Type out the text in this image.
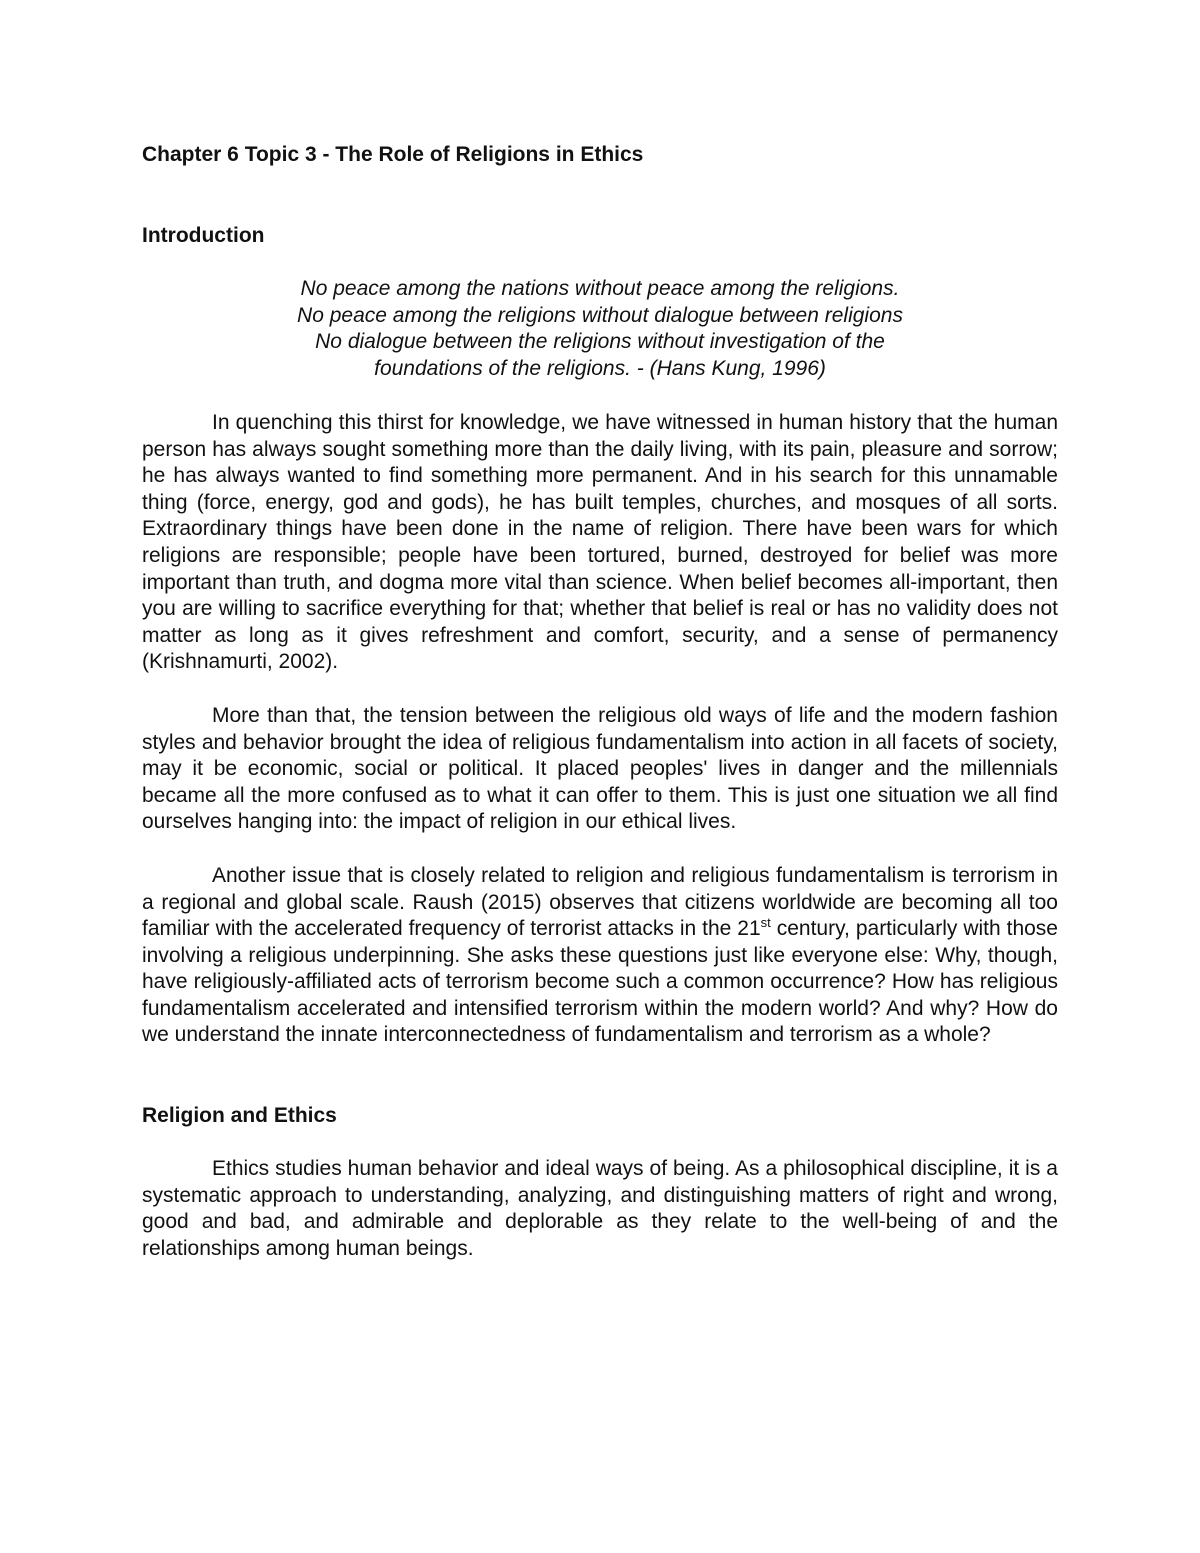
Chapter 6 Topic 3 - The Role of Religions in Ethics
Introduction
No peace among the nations without peace among the religions.
No peace among the religions without dialogue between religions
No dialogue between the religions without investigation of the
foundations of the religions. - (Hans Kung, 1996)

In quenching this thirst for knowledge, we have witnessed in human history that the human person has always sought something more than the daily living, with its pain, pleasure and sorrow; he has always wanted to find something more permanent. And in his search for this unnamable thing (force, energy, god and gods), he has built temples, churches, and mosques of all sorts. Extraordinary things have been done in the name of religion. There have been wars for which religions are responsible; people have been tortured, burned, destroyed for belief was more important than truth, and dogma more vital than science. When belief becomes all-important, then you are willing to sacrifice everything for that; whether that belief is real or has no validity does not matter as long as it gives refreshment and comfort, security, and a sense of permanency (Krishnamurti, 2002).

More than that, the tension between the religious old ways of life and the modern fashion styles and behavior brought the idea of religious fundamentalism into action in all facets of society, may it be economic, social or political. It placed peoples' lives in danger and the millennials became all the more confused as to what it can offer to them. This is just one situation we all find ourselves hanging into: the impact of religion in our ethical lives.

Another issue that is closely related to religion and religious fundamentalism is terrorism in a regional and global scale. Raush (2015) observes that citizens worldwide are becoming all too familiar with the accelerated frequency of terrorist attacks in the 21st century, particularly with those involving a religious underpinning. She asks these questions just like everyone else: Why, though, have religiously-affiliated acts of terrorism become such a common occurrence? How has religious fundamentalism accelerated and intensified terrorism within the modern world? And why? How do we understand the innate interconnectedness of fundamentalism and terrorism as a whole?

Religion and Ethics

Ethics studies human behavior and ideal ways of being. As a philosophical discipline, it is a systematic approach to understanding, analyzing, and distinguishing matters of right and wrong, good and bad, and admirable and deplorable as they relate to the well-being of and the relationships among human beings.
